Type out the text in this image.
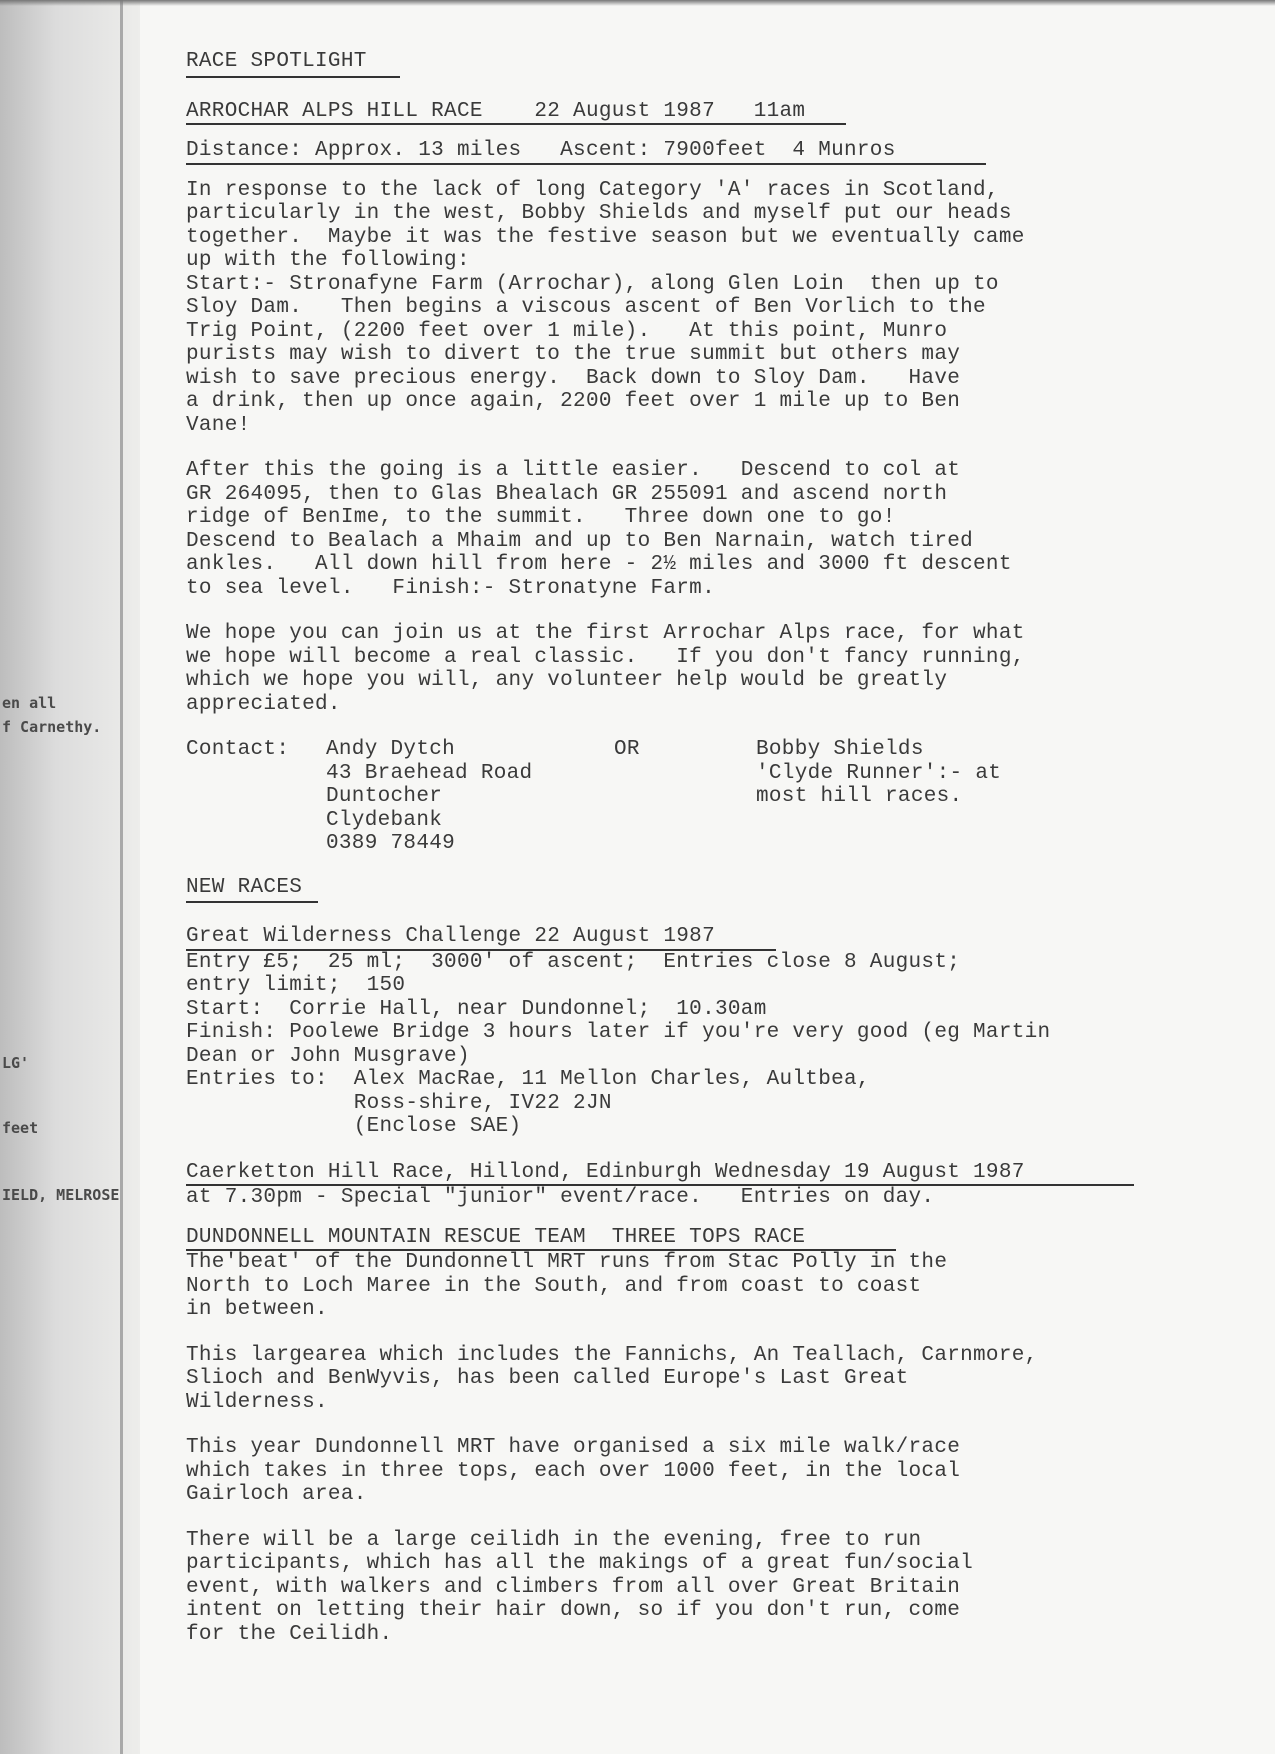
en all
f Carnethy.
LG'
feet
IELD, MELROSE
RACE SPOTLIGHT
ARROCHAR ALPS HILL RACE    22 August 1987   11am
Distance: Approx. 13 miles   Ascent: 7900feet  4 Munros
In response to the lack of long Category 'A' races in Scotland,
particularly in the west, Bobby Shields and myself put our heads
together.  Maybe it was the festive season but we eventually came
up with the following:
Start:- Stronafyne Farm (Arrochar), along Glen Loin  then up to
Sloy Dam.   Then begins a viscous ascent of Ben Vorlich to the
Trig Point, (2200 feet over 1 mile).   At this point, Munro
purists may wish to divert to the true summit but others may
wish to save precious energy.  Back down to Sloy Dam.   Have
a drink, then up once again, 2200 feet over 1 mile up to Ben
Vane!
After this the going is a little easier.   Descend to col at
GR 264095, then to Glas Bhealach GR 255091 and ascend north
ridge of BenIme, to the summit.   Three down one to go!
Descend to Bealach a Mhaim and up to Ben Narnain, watch tired
ankles.   All down hill from here - 2½ miles and 3000 ft descent
to sea level.   Finish:- Stronatyne Farm.
We hope you can join us at the first Arrochar Alps race, for what
we hope will become a real classic.   If you don't fancy running,
which we hope you will, any volunteer help would be greatly
appreciated.
Contact:	Andy Dytch
43 Braehead Road
Duntocher
Clydebank
0389 78449
OR	Bobby Shields
'Clyde Runner':- at
most hill races.
NEW RACES
Great Wilderness Challenge 22 August 1987
Entry £5;  25 ml;  3000' of ascent;  Entries close 8 August;
entry limit;  150
Start:  Corrie Hall, near Dundonnel;  10.30am
Finish: Poolewe Bridge 3 hours later if you're very good (eg Martin
Dean or John Musgrave)
Entries to:  Alex MacRae, 11 Mellon Charles, Aultbea,
Ross-shire, IV22 2JN
(Enclose SAE)
Caerketton Hill Race, Hillond, Edinburgh Wednesday 19 August 1987
at 7.30pm - Special "junior" event/race.   Entries on day.
DUNDONNELL MOUNTAIN RESCUE TEAM  THREE TOPS RACE
The'beat' of the Dundonnell MRT runs from Stac Polly in the
North to Loch Maree in the South, and from coast to coast
in between.
This largearea which includes the Fannichs, An Teallach, Carnmore,
Slioch and BenWyvis, has been called Europe's Last Great
Wilderness.
This year Dundonnell MRT have organised a six mile walk/race
which takes in three tops, each over 1000 feet, in the local
Gairloch area.
There will be a large ceilidh in the evening, free to run
participants, which has all the makings of a great fun/social
event, with walkers and climbers from all over Great Britain
intent on letting their hair down, so if you don't run, come
for the Ceilidh.
